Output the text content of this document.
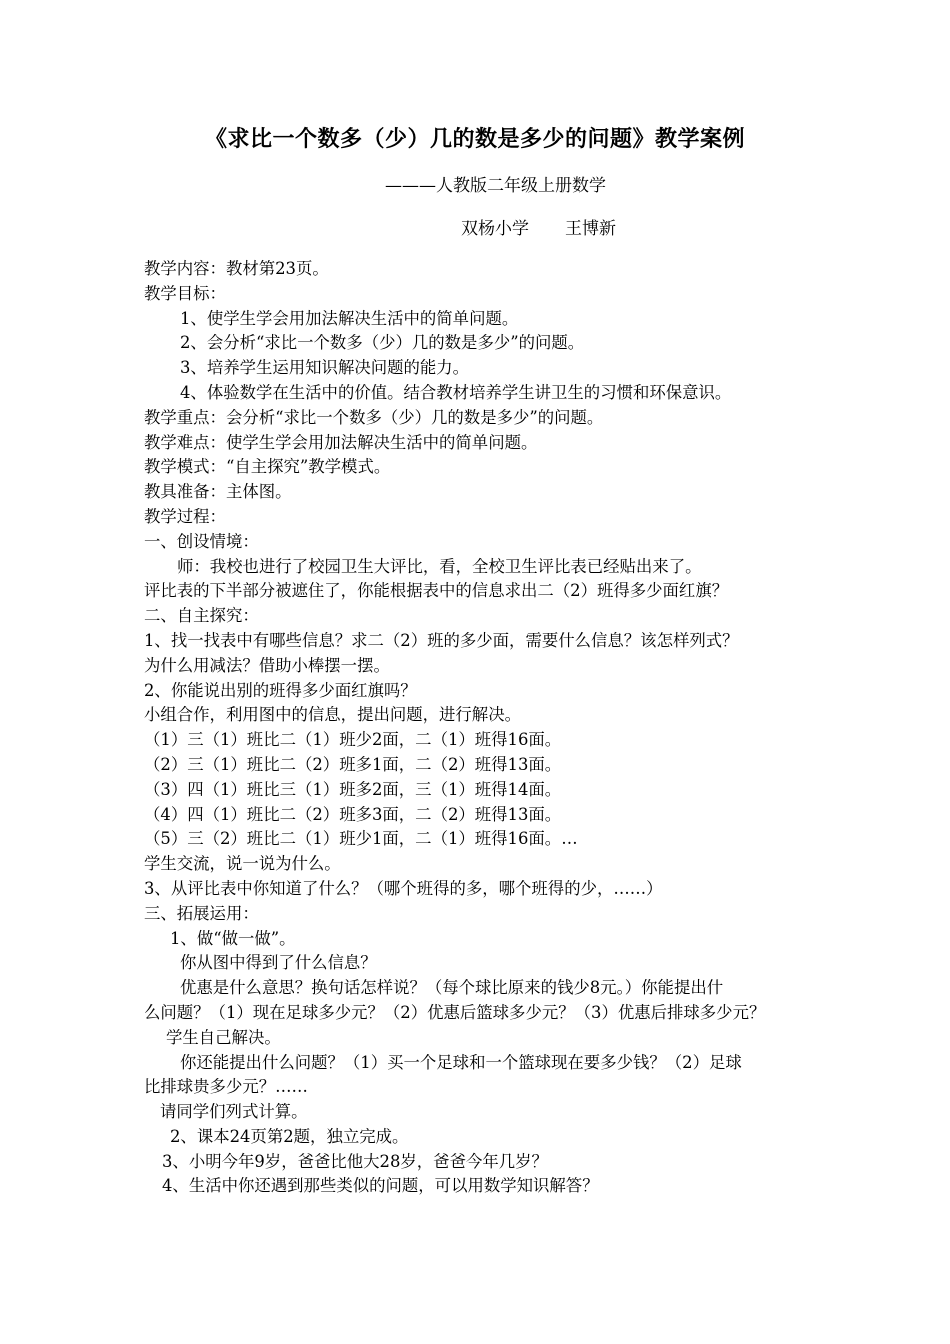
《求比一个数多（少）几的数是多少的问题》教学案例
———人教版二年级上册数学
双杨小学 王博新

教学内容：教材第23页。

教学目标：

1、使学生学会用加法解决生活中的简单问题。

2、会分析“求比一个数多（少）几的数是多少”的问题。

3、培养学生运用知识解决问题的能力。

4、体验数学在生活中的价值。结合教材培养学生讲卫生的习惯和环保意识。

教学重点：会分析“求比一个数多（少）几的数是多少”的问题。

教学难点：使学生学会用加法解决生活中的简单问题。

教学模式：“自主探究”教学模式。

教具准备：主体图。

教学过程：

一、创设情境：

师：我校也进行了校园卫生大评比，看，全校卫生评比表已经贴出来了。

评比表的下半部分被遮住了，你能根据表中的信息求出二（2）班得多少面红旗？

二、自主探究：

1、找一找表中有哪些信息？求二（2）班的多少面，需要什么信息？该怎样列式？

为什么用减法？借助小棒摆一摆。

2、你能说出别的班得多少面红旗吗？

小组合作，利用图中的信息，提出问题，进行解决。

（1）三（1）班比二（1）班少2面，二（1）班得16面。

（2）三（1）班比二（2）班多1面，二（2）班得13面。

（3）四（1）班比三（1）班多2面，三（1）班得14面。

（4）四（1）班比二（2）班多3面，二（2）班得13面。

（5）三（2）班比二（1）班少1面，二（1）班得16面。…

学生交流，说一说为什么。

3、从评比表中你知道了什么？（哪个班得的多，哪个班得的少，……）

三、拓展运用：

1、做“做一做”。

你从图中得到了什么信息？

优惠是什么意思？换句话怎样说？（每个球比原来的钱少8元。）你能提出什

么问题？（1）现在足球多少元？（2）优惠后篮球多少元？（3）优惠后排球多少元？

学生自己解决。

你还能提出什么问题？（1）买一个足球和一个篮球现在要多少钱？（2）足球

比排球贵多少元？……

请同学们列式计算。

2、课本24页第2题，独立完成。

3、小明今年9岁，爸爸比他大28岁，爸爸今年几岁？

4、生活中你还遇到那些类似的问题，可以用数学知识解答？
